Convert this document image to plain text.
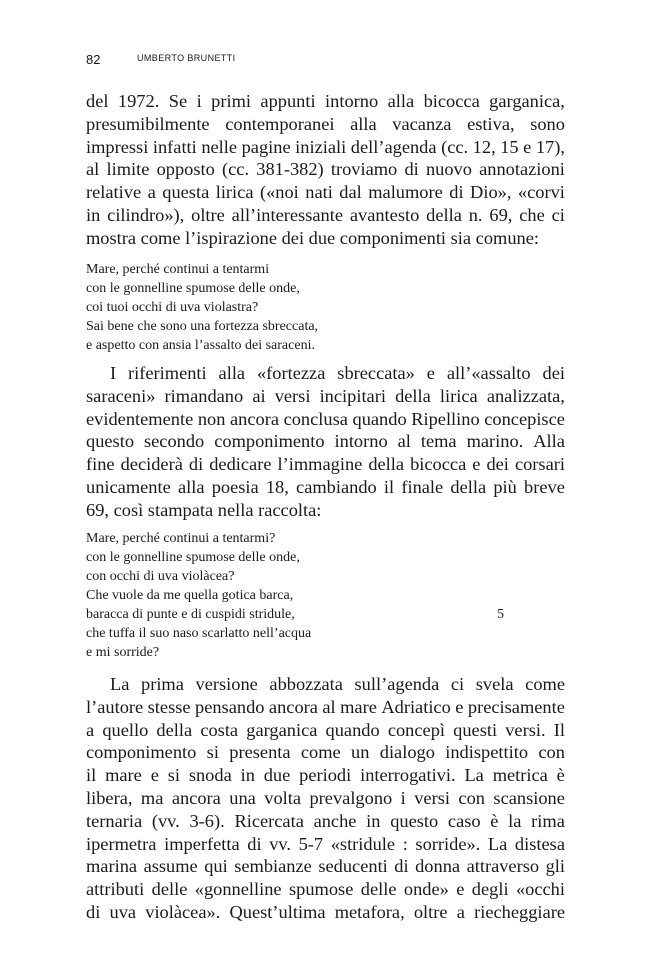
82	UMBERTO BRUNETTI
del 1972. Se i primi appunti intorno alla bicocca garganica,
presumibilmente contemporanei alla vacanza estiva, sono
impressi infatti nelle pagine iniziali dell’agenda (cc. 12, 15 e 17),
al limite opposto (cc. 381-382) troviamo di nuovo annotazioni
relative a questa lirica («noi nati dal malumore di Dio», «corvi
in cilindro»), oltre all’interessante avantesto della n. 69, che ci
mostra come l’ispirazione dei due componimenti sia comune:
Mare, perché continui a tentarmi
con le gonnelline spumose delle onde,
coi tuoi occhi di uva violastra?
Sai bene che sono una fortezza sbreccata,
e aspetto con ansia l’assalto dei saraceni.
I riferimenti alla «fortezza sbreccata» e all’«assalto dei
saraceni» rimandano ai versi incipitari della lirica analizzata,
evidentemente non ancora conclusa quando Ripellino concepisce
questo secondo componimento intorno al tema marino. Alla
fine deciderà di dedicare l’immagine della bicocca e dei corsari
unicamente alla poesia 18, cambiando il finale della più breve
69, così stampata nella raccolta:
Mare, perché continui a tentarmi?
con le gonnelline spumose delle onde,
con occhi di uva violàcea?
Che vuole da me quella gotica barca,
baracca di punte e di cuspidi stridule,	5
che tuffa il suo naso scarlatto nell’acqua
e mi sorride?
La prima versione abbozzata sull’agenda ci svela come
l’autore stesse pensando ancora al mare Adriatico e precisamente
a quello della costa garganica quando concepì questi versi. Il
componimento si presenta come un dialogo indispettito con
il mare e si snoda in due periodi interrogativi. La metrica è
libera, ma ancora una volta prevalgono i versi con scansione
ternaria (vv. 3-6). Ricercata anche in questo caso è la rima
ipermetra imperfetta di vv. 5-7 «stridule : sorride». La distesa
marina assume qui sembianze seducenti di donna attraverso gli
attributi delle «gonnelline spumose delle onde» e degli «occhi
di uva violàcea». Quest’ultima metafora, oltre a riecheggiare
